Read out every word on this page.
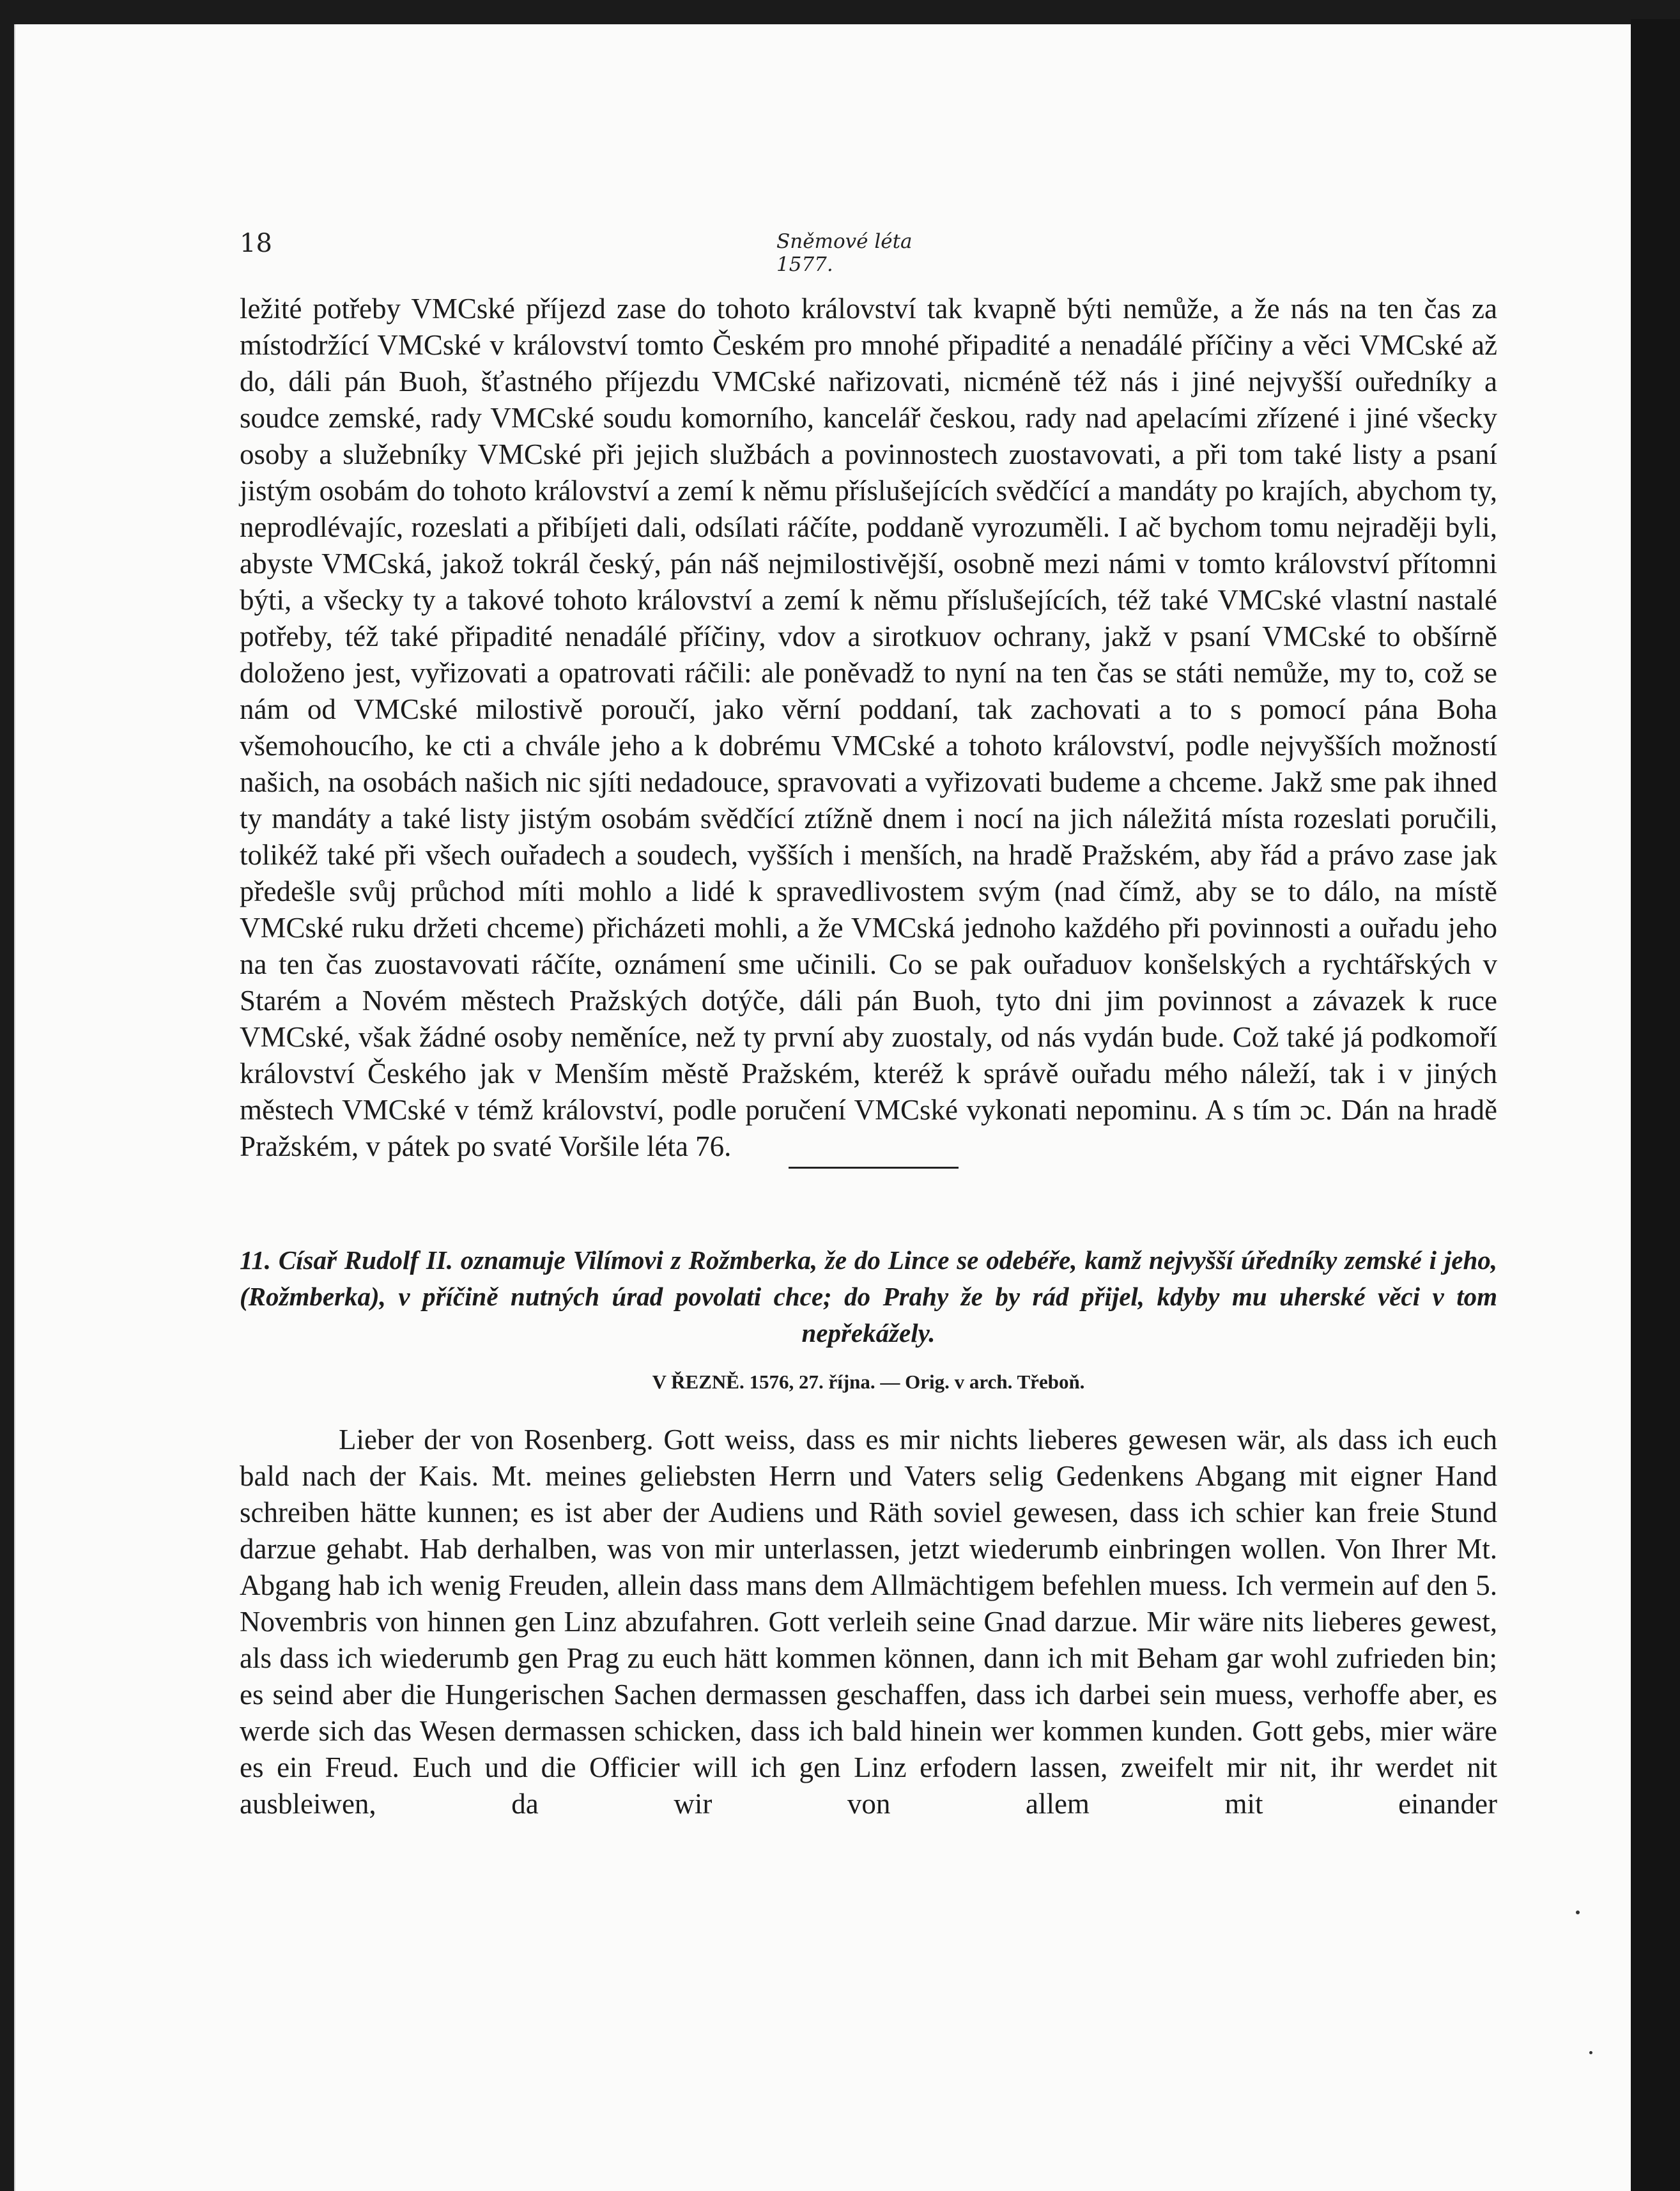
18	Sněmové léta 1577.

ležité potřeby VMCské příjezd zase do tohoto království tak kvapně býti nemůže, a že nás na ten čas za místodržící VMCské v království tomto Českém pro mnohé připadité a nenadálé příčiny a věci VMCské až do, dáli pán Buoh, šťastného příjezdu VMCské nařizovati, nicméně též nás i jiné nejvyšší ouředníky a soudce zemské, rady VMCské soudu komorního, kancelář českou, rady nad apelacími zřízené i jiné všecky osoby a služebníky VMCské při jejich službách a povinnostech zuostavovati, a při tom také listy a psaní jistým osobám do tohoto království a zemí k němu příslušejících svědčící a mandáty po krajích, abychom ty, neprodlévajíc, rozeslati a přibíjeti dali, odsílati ráčíte, poddaně vyrozuměli. I ač bychom tomu nejraději byli, abyste VMCská, jakož tokrál český, pán náš nejmilostivější, osobně mezi námi v tomto království přítomni býti, a všecky ty a takové tohoto království a zemí k němu příslušejících, též také VMCské vlastní nastalé potřeby, též také připadité nenadálé příčiny, vdov a sirotkuov ochrany, jakž v psaní VMCské to obšírně doloženo jest, vyřizovati a opatrovati ráčili: ale poněvadž to nyní na ten čas se státi nemůže, my to, což se nám od VMCské milostivě poroučí, jako věrní poddaní, tak zachovati a to s pomocí pána Boha všemohoucího, ke cti a chvále jeho a k dobrému VMCské a tohoto království, podle nejvyšších možností našich, na osobách našich nic sjíti nedadouce, spravovati a vyřizovati budeme a chceme. Jakž sme pak ihned ty mandáty a také listy jistým osobám svědčící ztížně dnem i nocí na jich náležitá místa rozeslati poručili, tolikéž také při všech ouřadech a soudech, vyšších i menších, na hradě Pražském, aby řád a právo zase jak předešle svůj průchod míti mohlo a lidé k spravedlivostem svým (nad čímž, aby se to dálo, na místě VMCské ruku držeti chceme) přicházeti mohli, a že VMCská jednoho každého při povinnosti a ouřadu jeho na ten čas zuostavovati ráčíte, oznámení sme učinili. Co se pak ouřaduov konšelských a rychtářských v Starém a Novém městech Pražských dotýče, dáli pán Buoh, tyto dni jim povinnost a závazek k ruce VMCské, však žádné osoby neměníce, než ty první aby zuostaly, od nás vydán bude. Což také já podkomoří království Českého jak v Menším městě Pražském, kteréž k správě ouřadu mého náleží, tak i v jiných městech VMCské v témž království, podle poručení VMCské vykonati nepominu. A s tím ɔc. Dán na hradě Pražském, v pátek po svaté Voršile léta 76.

11. Císař Rudolf II. oznamuje Vilímovi z Rožmberka, že do Lince se odebéře, kamž nejvyšší úředníky zemské i jeho, (Rožmberka), v příčině nutných úrad povolati chce; do Prahy že by rád přijel, kdyby mu uherské věci v tom nepřekážely.
V ŘEZNĚ. 1576, 27. října. — Orig. v arch. Třeboň.

Lieber der von Rosenberg. Gott weiss, dass es mir nichts lieberes gewesen wär, als dass ich euch bald nach der Kais. Mt. meines geliebsten Herrn und Vaters selig Gedenkens Abgang mit eigner Hand schreiben hätte kunnen; es ist aber der Audiens und Räth soviel gewesen, dass ich schier kan freie Stund darzue gehabt. Hab derhalben, was von mir unterlassen, jetzt wiederumb einbringen wollen. Von Ihrer Mt. Abgang hab ich wenig Freuden, allein dass mans dem Allmächtigem befehlen muess. Ich vermein auf den 5. Novembris von hinnen gen Linz abzufahren. Gott verleih seine Gnad darzue. Mir wäre nits lieberes gewest, als dass ich wiederumb gen Prag zu euch hätt kommen können, dann ich mit Beham gar wohl zufrieden bin; es seind aber die Hungerischen Sachen dermassen geschaffen, dass ich darbei sein muess, verhoffe aber, es werde sich das Wesen dermassen schicken, dass ich bald hinein wer kommen kunden. Gott gebs, mier wäre es ein Freud. Euch und die Officier will ich gen Linz erfodern lassen, zweifelt mir nit, ihr werdet nit ausbleiwen, da wir von allem mit einander
